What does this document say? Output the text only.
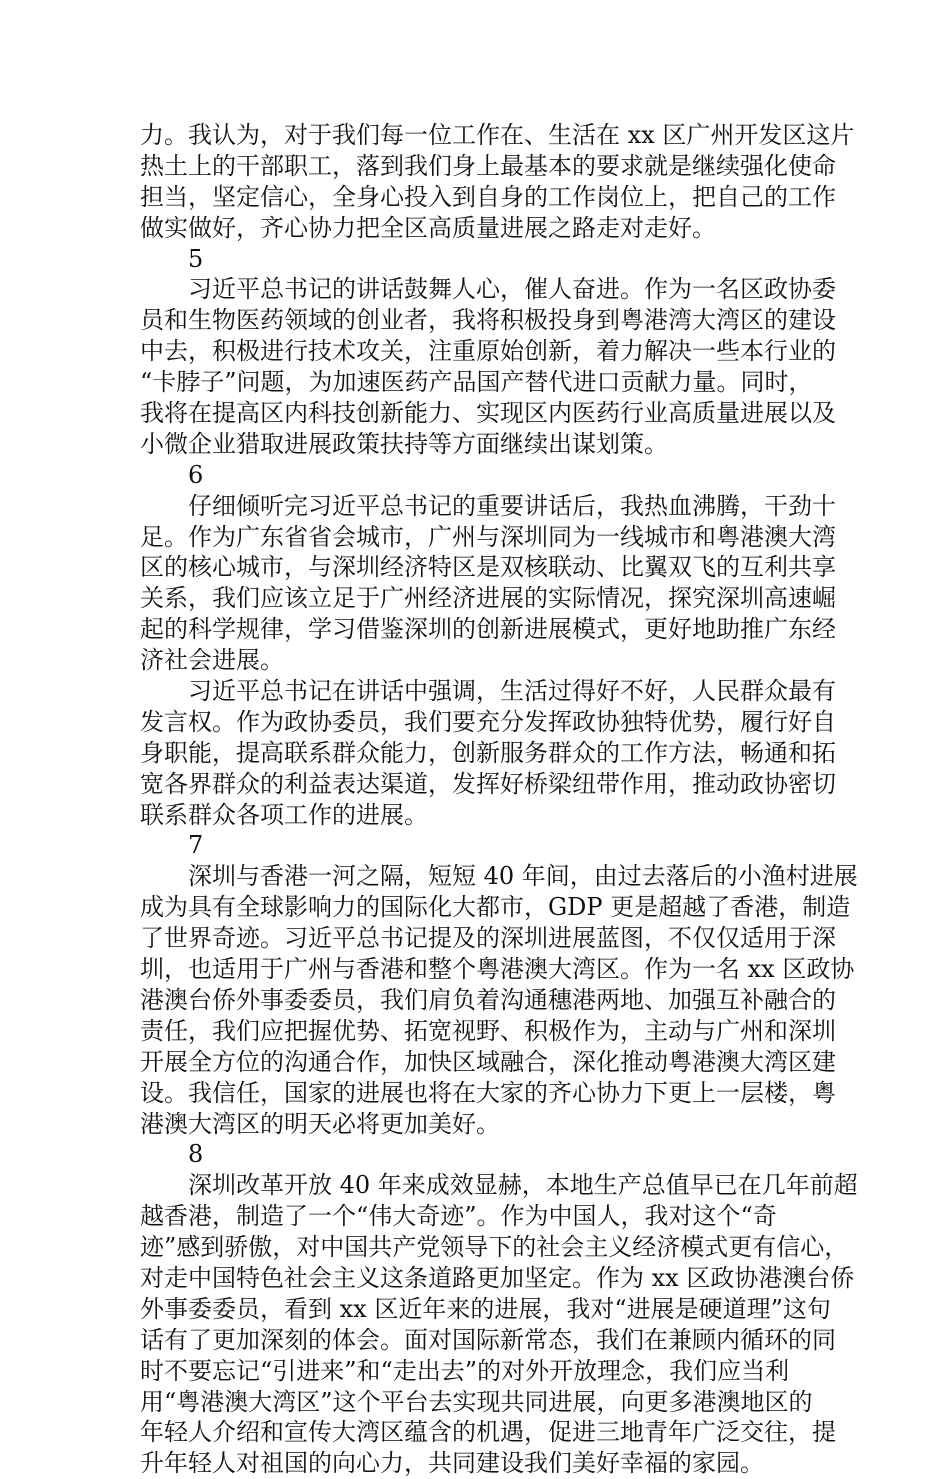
力。我认为，对于我们每一位工作在、生活在 xx 区广州开发区这片
热土上的干部职工，落到我们身上最基本的要求就是继续强化使命
担当，坚定信心，全身心投入到自身的工作岗位上，把自己的工作
做实做好，齐心协力把全区高质量进展之路走对走好。
5
习近平总书记的讲话鼓舞人心，催人奋进。作为一名区政协委
员和生物医药领域的创业者，我将积极投身到粤港湾大湾区的建设
中去，积极进行技术攻关，注重原始创新，着力解决一些本行业的
“卡脖子”问题，为加速医药产品国产替代进口贡献力量。同时，
我将在提高区内科技创新能力、实现区内医药行业高质量进展以及
小微企业猎取进展政策扶持等方面继续出谋划策。
6
仔细倾听完习近平总书记的重要讲话后，我热血沸腾，干劲十
足。作为广东省省会城市，广州与深圳同为一线城市和粤港澳大湾
区的核心城市，与深圳经济特区是双核联动、比翼双飞的互利共享
关系，我们应该立足于广州经济进展的实际情况，探究深圳高速崛
起的科学规律，学习借鉴深圳的创新进展模式，更好地助推广东经
济社会进展。
习近平总书记在讲话中强调，生活过得好不好，人民群众最有
发言权。作为政协委员，我们要充分发挥政协独特优势，履行好自
身职能，提高联系群众能力，创新服务群众的工作方法，畅通和拓
宽各界群众的利益表达渠道，发挥好桥梁纽带作用，推动政协密切
联系群众各项工作的进展。
7
深圳与香港一河之隔，短短 40 年间，由过去落后的小渔村进展
成为具有全球影响力的国际化大都市，GDP 更是超越了香港，制造
了世界奇迹。习近平总书记提及的深圳进展蓝图，不仅仅适用于深
圳，也适用于广州与香港和整个粤港澳大湾区。作为一名 xx 区政协
港澳台侨外事委委员，我们肩负着沟通穗港两地、加强互补融合的
责任，我们应把握优势、拓宽视野、积极作为，主动与广州和深圳
开展全方位的沟通合作，加快区域融合，深化推动粤港澳大湾区建
设。我信任，国家的进展也将在大家的齐心协力下更上一层楼，粤
港澳大湾区的明天必将更加美好。
8
深圳改革开放 40 年来成效显赫，本地生产总值早已在几年前超
越香港，制造了一个“伟大奇迹”。作为中国人，我对这个“奇
迹”感到骄傲，对中国共产党领导下的社会主义经济模式更有信心，
对走中国特色社会主义这条道路更加坚定。作为 xx 区政协港澳台侨
外事委委员，看到 xx 区近年来的进展，我对“进展是硬道理”这句
话有了更加深刻的体会。面对国际新常态，我们在兼顾内循环的同
时不要忘记“引进来”和“走出去”的对外开放理念，我们应当利
用“粤港澳大湾区”这个平台去实现共同进展，向更多港澳地区的
年轻人介绍和宣传大湾区蕴含的机遇，促进三地青年广泛交往，提
升年轻人对祖国的向心力，共同建设我们美好幸福的家园。
